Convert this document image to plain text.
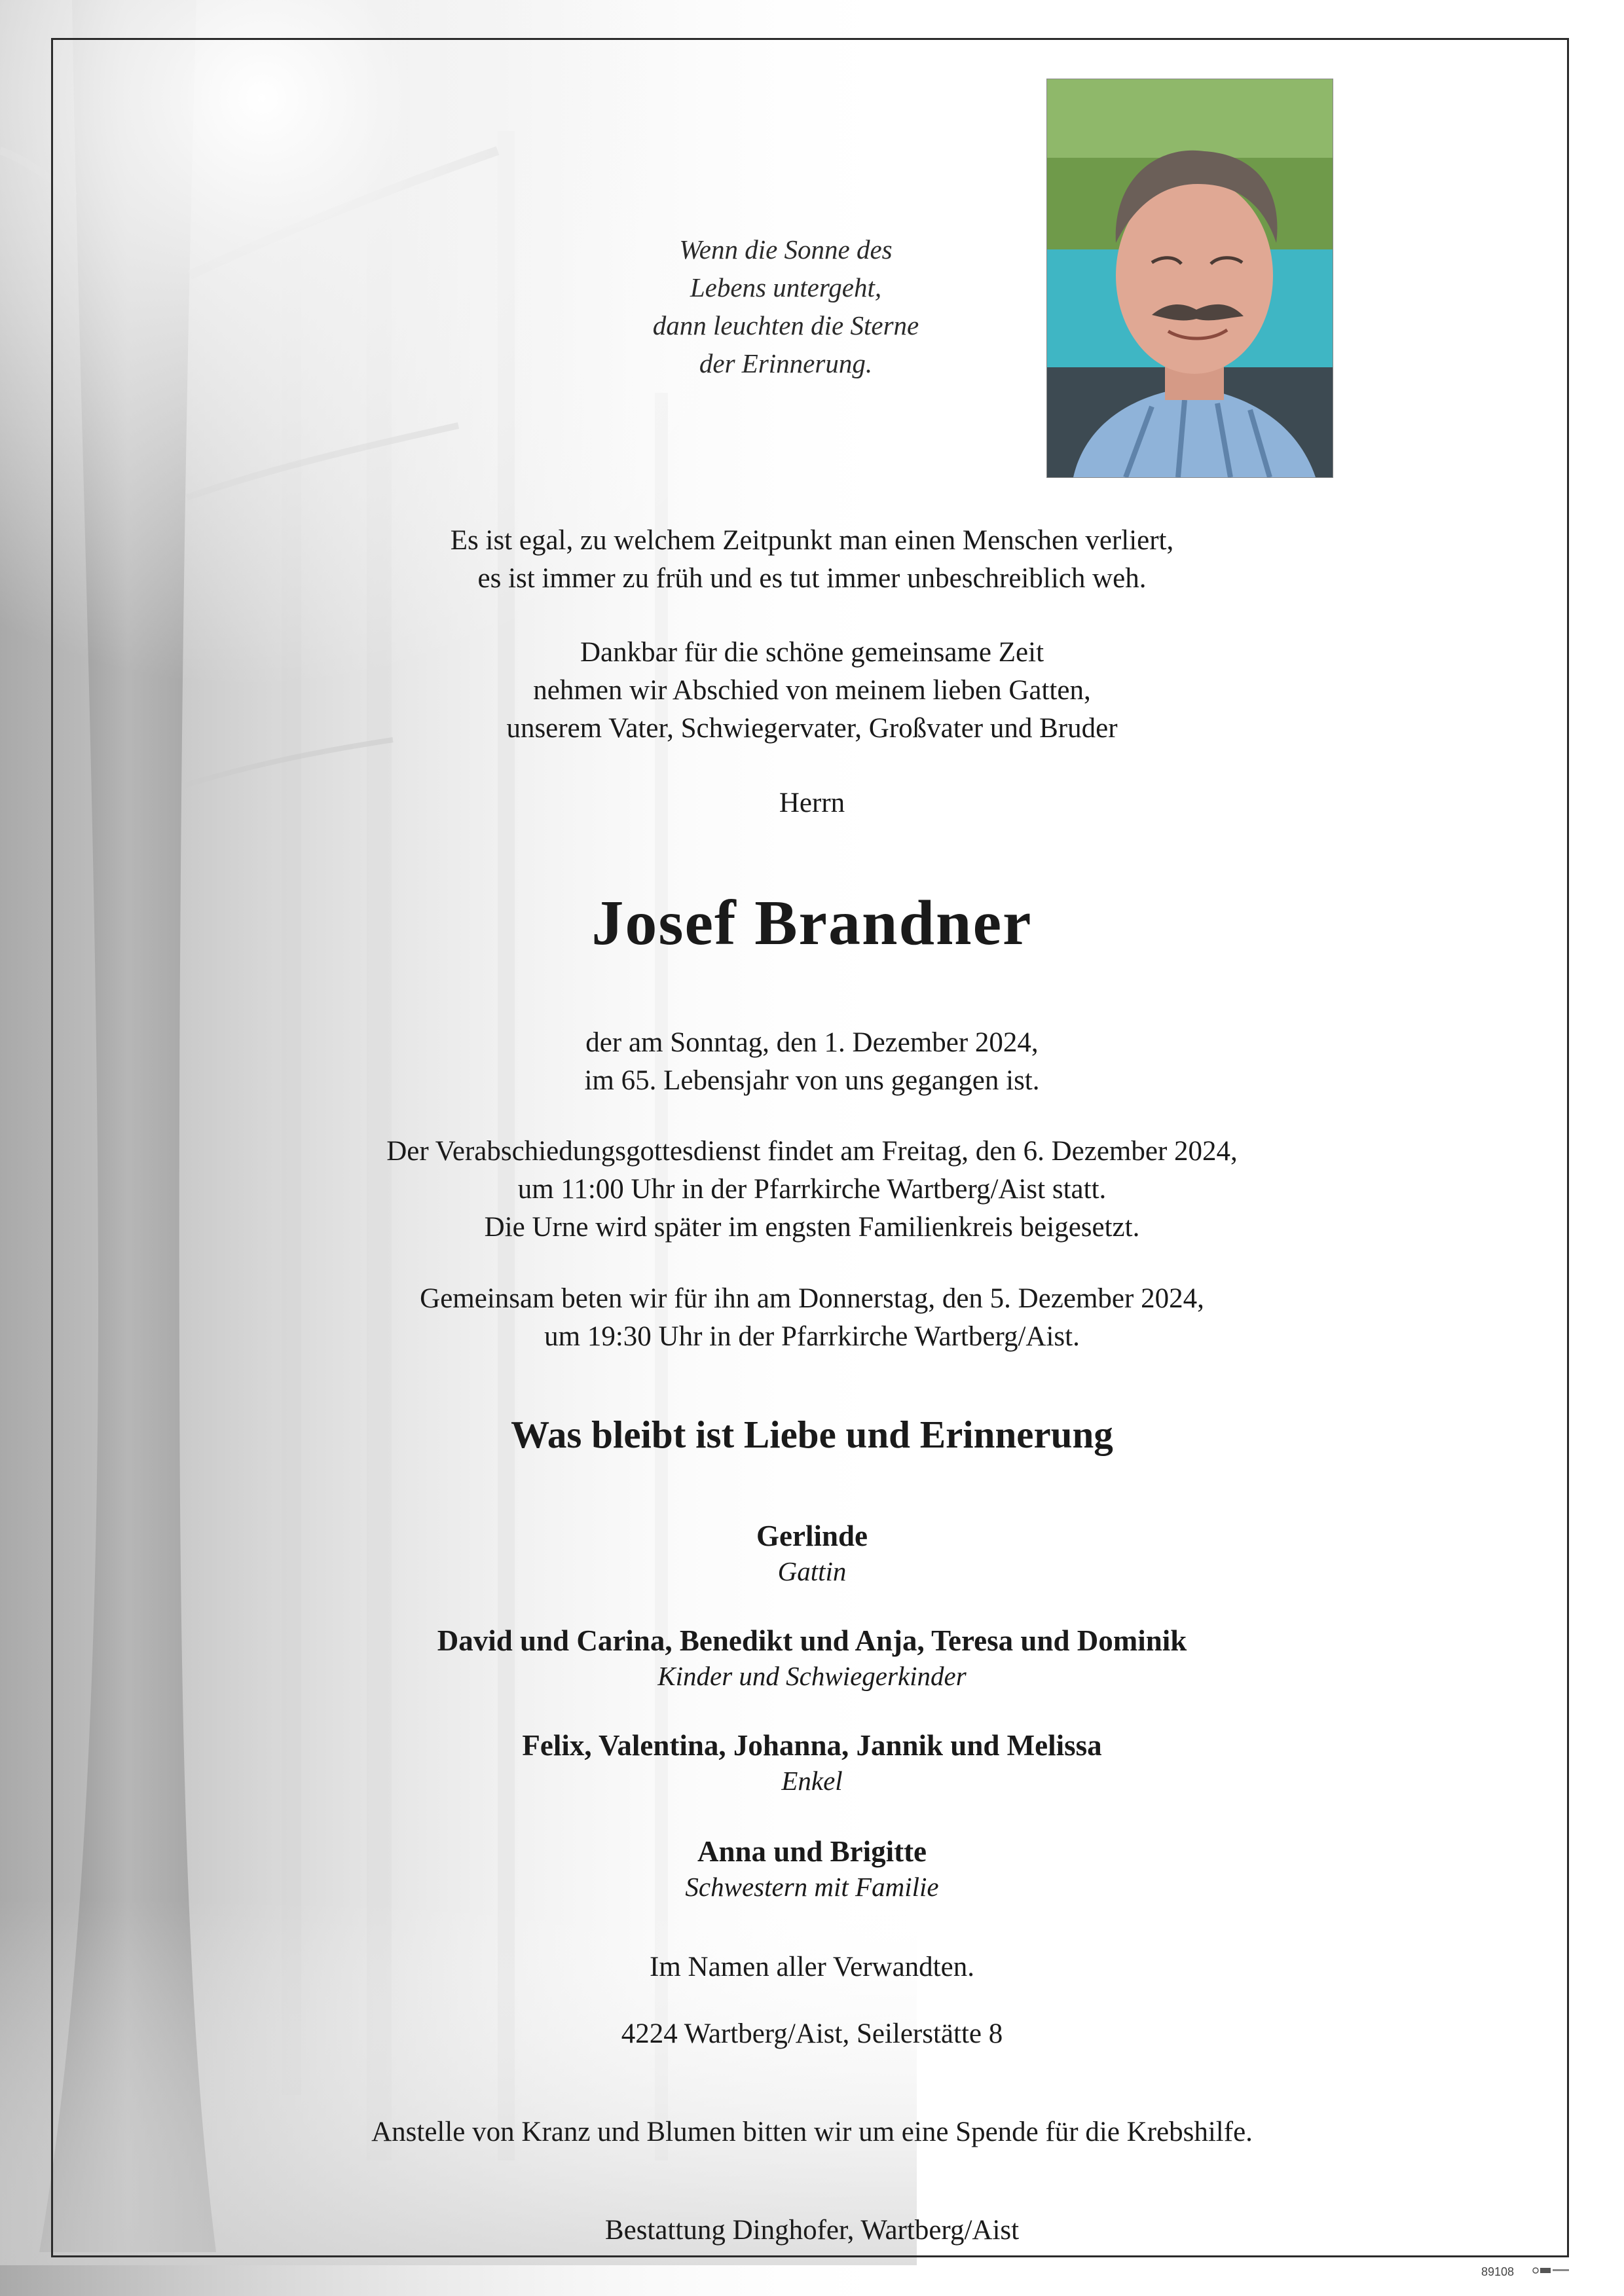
Wenn die Sonne des
Lebens untergeht,
dann leuchten die Sterne
der Erinnerung.
Es ist egal, zu welchem Zeitpunkt man einen Menschen verliert,
es ist immer zu früh und es tut immer unbeschreiblich weh.
Dankbar für die schöne gemeinsame Zeit
nehmen wir Abschied von meinem lieben Gatten,
unserem Vater, Schwiegervater, Großvater und Bruder
Herrn
Josef Brandner
der am Sonntag, den 1. Dezember 2024,
im 65. Lebensjahr von uns gegangen ist.
Der Verabschiedungsgottesdienst findet am Freitag, den 6. Dezember 2024,
um 11:00 Uhr in der Pfarrkirche Wartberg/Aist statt.
Die Urne wird später im engsten Familienkreis beigesetzt.
Gemeinsam beten wir für ihn am Donnerstag, den 5. Dezember 2024,
um 19:30 Uhr in der Pfarrkirche Wartberg/Aist.
Was bleibt ist Liebe und Erinnerung
Gerlinde
Gattin
David und Carina, Benedikt und Anja, Teresa und Dominik
Kinder und Schwiegerkinder
Felix, Valentina, Johanna, Jannik und Melissa
Enkel
Anna und Brigitte
Schwestern mit Familie
Im Namen aller Verwandten.
4224 Wartberg/Aist, Seilerstätte 8
Anstelle von Kranz und Blumen bitten wir um eine Spende für die Krebshilfe.
Bestattung Dinghofer, Wartberg/Aist
89108
